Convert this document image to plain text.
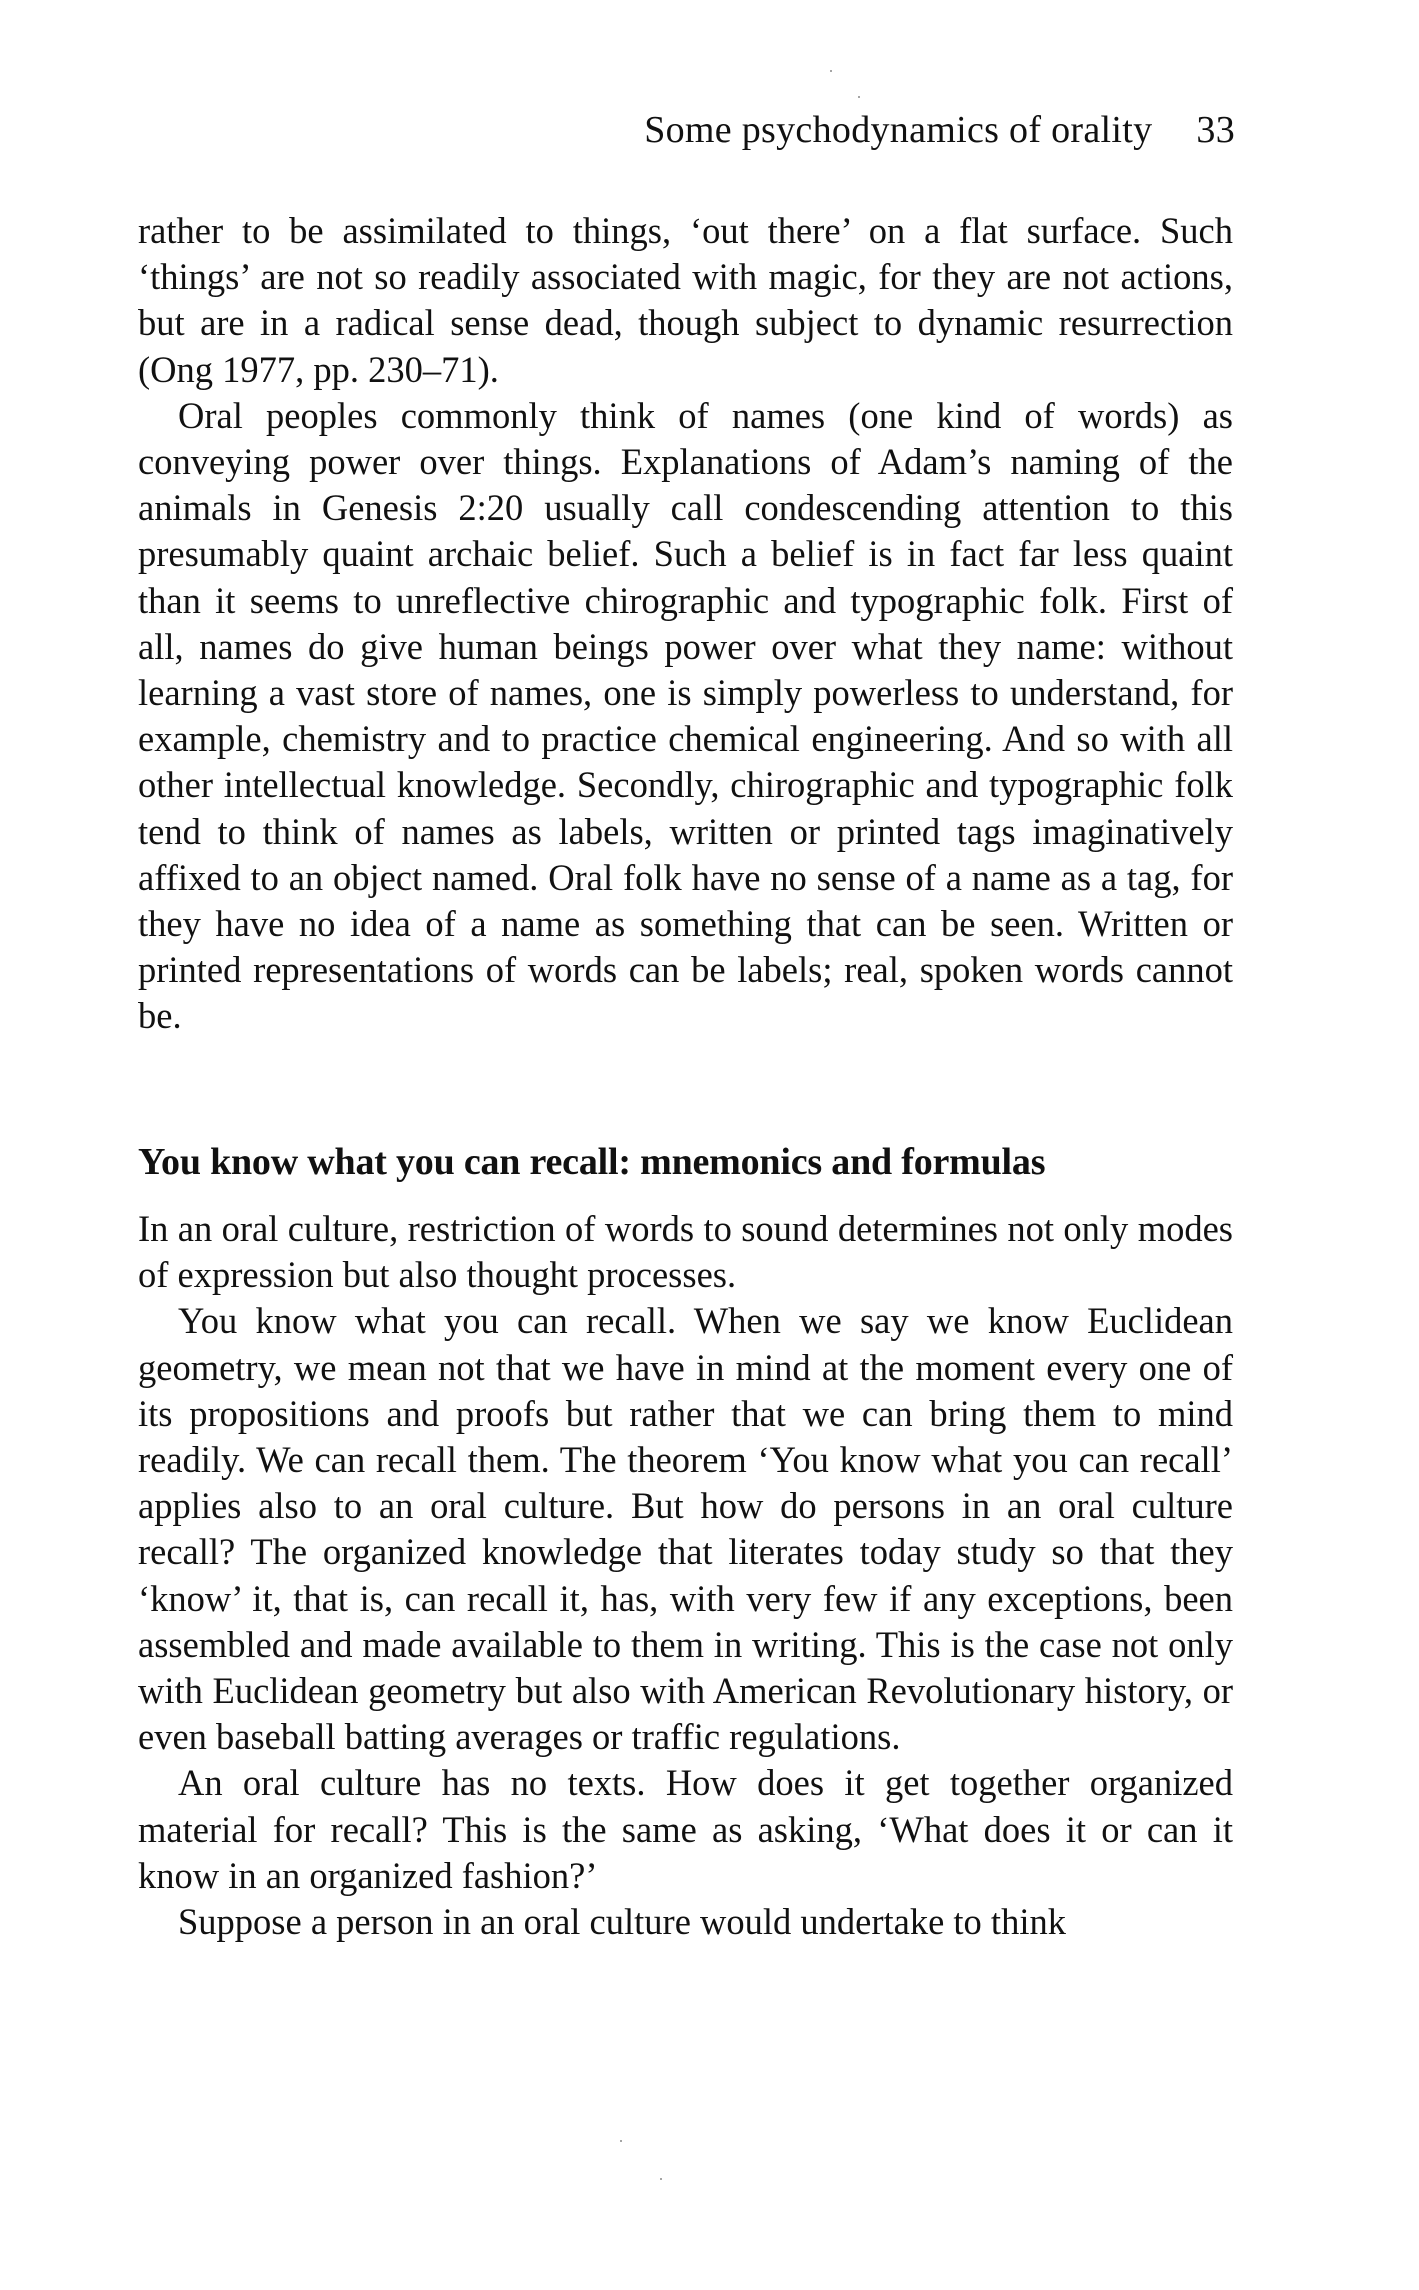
Some psychodynamics of orality 33

rather to be assimilated to things, ‘out there’ on a flat surface. Such ‘things’ are not so readily associated with magic, for they are not actions, but are in a radical sense dead, though subject to dynamic resurrection (Ong 1977, pp. 230–71).

Oral peoples commonly think of names (one kind of words) as conveying power over things. Explanations of Adam’s naming of the animals in Genesis 2:20 usually call condescending attention to this presumably quaint archaic belief. Such a belief is in fact far less quaint than it seems to unreflective chirographic and typographic folk. First of all, names do give human beings power over what they name: without learning a vast store of names, one is simply powerless to understand, for example, chemistry and to practice chemical engineering. And so with all other intellectual knowledge. Secondly, chirographic and typographic folk tend to think of names as labels, written or printed tags imaginatively affixed to an object named. Oral folk have no sense of a name as a tag, for they have no idea of a name as something that can be seen. Written or printed representations of words can be labels; real, spoken words cannot be.

You know what you can recall: mnemonics and formulas

In an oral culture, restriction of words to sound determines not only modes of expression but also thought processes.

You know what you can recall. When we say we know Euclidean geometry, we mean not that we have in mind at the moment every one of its propositions and proofs but rather that we can bring them to mind readily. We can recall them. The theorem ‘You know what you can recall’ applies also to an oral culture. But how do persons in an oral culture recall? The organized knowledge that literates today study so that they ‘know’ it, that is, can recall it, has, with very few if any exceptions, been assembled and made available to them in writing. This is the case not only with Euclidean geometry but also with American Revolutionary history, or even baseball batting averages or traffic regulations.

An oral culture has no texts. How does it get together organized material for recall? This is the same as asking, ‘What does it or can it know in an organized fashion?’

Suppose a person in an oral culture would undertake to think
